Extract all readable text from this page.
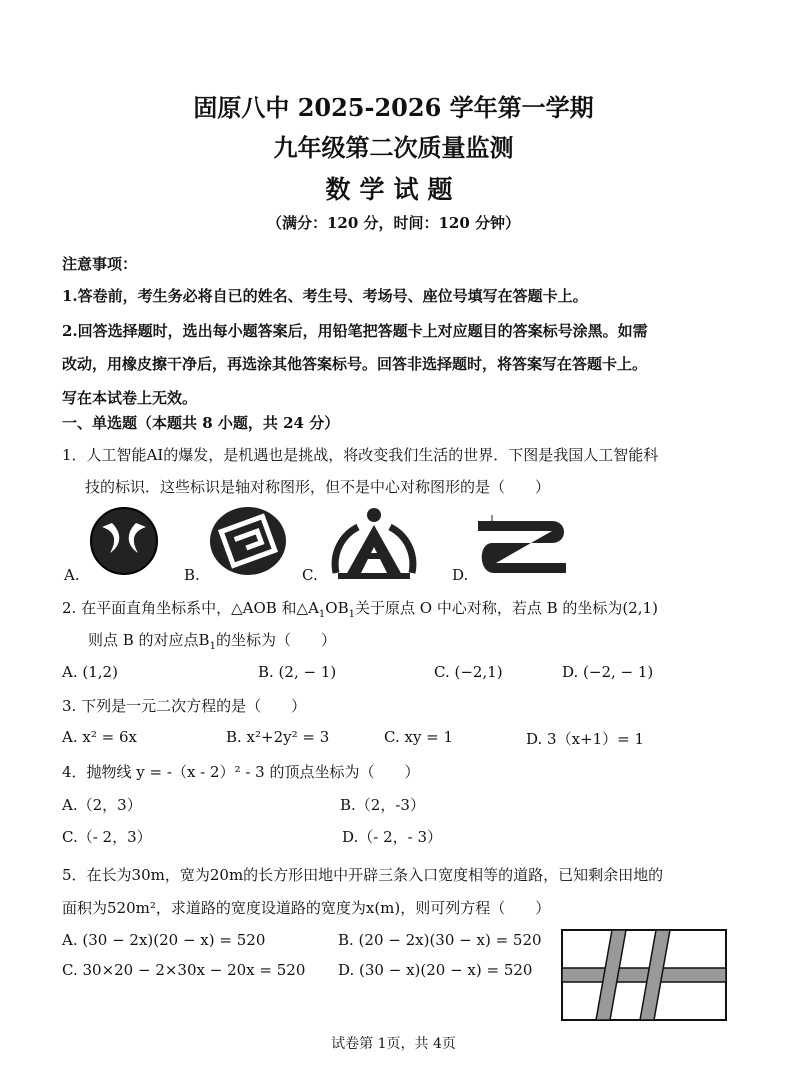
固原八中 2025-2026 学年第一学期
九年级第二次质量监测
数学试题
（满分：120 分，时间：120 分钟）
注意事项：
1.答卷前，考生务必将自已的姓名、考生号、考场号、座位号填写在答题卡上。
2.回答选择题时，选出每小题答案后，用铅笔把答题卡上对应题目的答案标号涂黑。如需
改动，用橡皮擦干净后，再选涂其他答案标号。回答非选择题时，将答案写在答题卡上。
写在本试卷上无效。
一、单选题（本题共 8 小题，共 24 分）
1．人工智能AI的爆发，是机遇也是挑战，将改变我们生活的世界．下图是我国人工智能科
技的标识．这些标识是轴对称图形，但不是中心对称图形的是（　　）
A.	B.	C.	D.
2. 在平面直角坐标系中，△AOB 和$\triangle A_1OB_1$关于原点 O 中心对称，若点 B 的坐标为(2,1)
则点 B 的对应点$B_1$的坐标为（　　）
A. (1,2)	B. (2, − 1)	C. (−2,1)	D. (−2, − 1)
3. 下列是一元二次方程的是（　　）
A. x² = 6x	B. x²+2y² = 3	C. xy = 1	D. 3（x+1）= 1
4．抛物线 y = -（x - 2）² - 3 的顶点坐标为（　　）
A.（2，3）	B.（2，-3）
C.（- 2，3）	D.（- 2，- 3）
5．在长为30m，宽为20m的长方形田地中开辟三条入口宽度相等的道路，已知剩余田地的
面积为520m²，求道路的宽度设道路的宽度为x(m)，则可列方程（　　）
A. (30 − 2x)(20 − x) = 520	B. (20 − 2x)(30 − x) = 520
C. 30×20 − 2×30x − 20x = 520 D. (30 − x)(20 − x) = 520
试卷第 1页，共 4页
